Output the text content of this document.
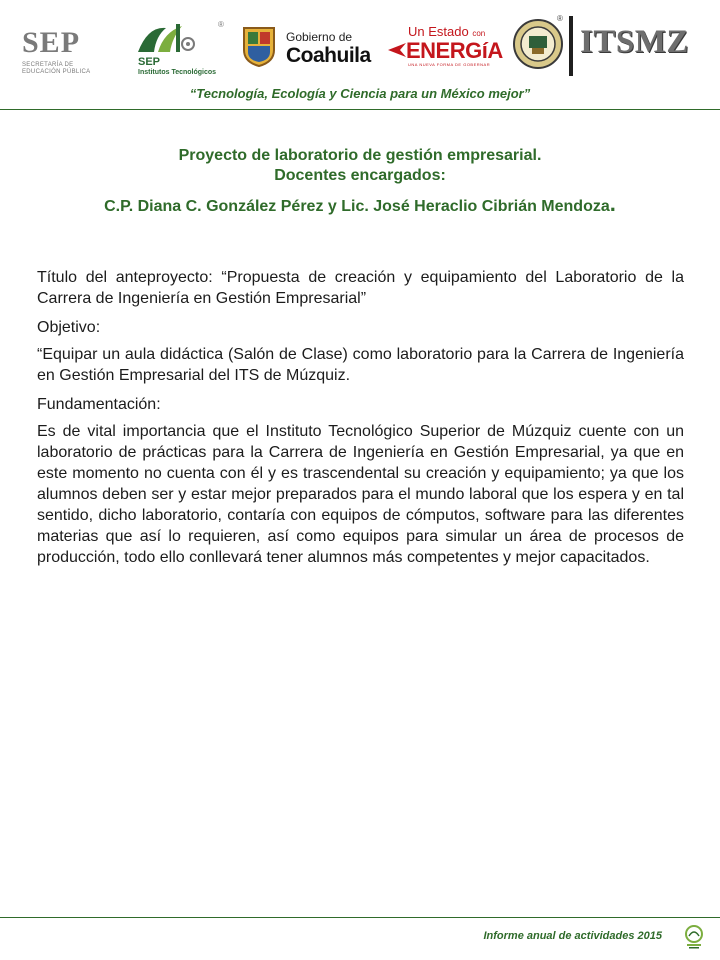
SEP
SECRETARÍA DE
EDUCACIÓN PÚBLICA
®
SEP
Institutos Tecnológicos
Gobierno de
Coahuila
Un Estado con
ENERGíA
UNA NUEVA FORMA DE GOBERNAR
®
ITSMZ
“Tecnología, Ecología y Ciencia para un México mejor”
Proyecto de laboratorio de gestión empresarial.
Docentes encargados:
C.P. Diana C. González Pérez y Lic. José Heraclio Cibrián Mendoza.

Título del anteproyecto: “Propuesta de creación y equipamiento del Laboratorio de la Carrera de Ingeniería en Gestión Empresarial”

Objetivo:

“Equipar un aula didáctica (Salón de Clase) como laboratorio para la Carrera de Ingeniería en Gestión Empresarial del ITS de Múzquiz.

Fundamentación:

Es de vital importancia que el Instituto Tecnológico Superior de Múzquiz cuente con un laboratorio de prácticas para la Carrera de Ingeniería en Gestión Empresarial, ya que en este momento no cuenta con él y es trascendental su creación y equipamiento; ya que los alumnos deben ser y estar mejor preparados para el mundo laboral que los espera y en tal sentido, dicho laboratorio, contaría con equipos de cómputos, software para las diferentes materias que así lo requieren, así como equipos para simular un área de procesos de producción, todo ello conllevará tener alumnos más competentes y mejor capacitados.

Informe anual de actividades 2015
